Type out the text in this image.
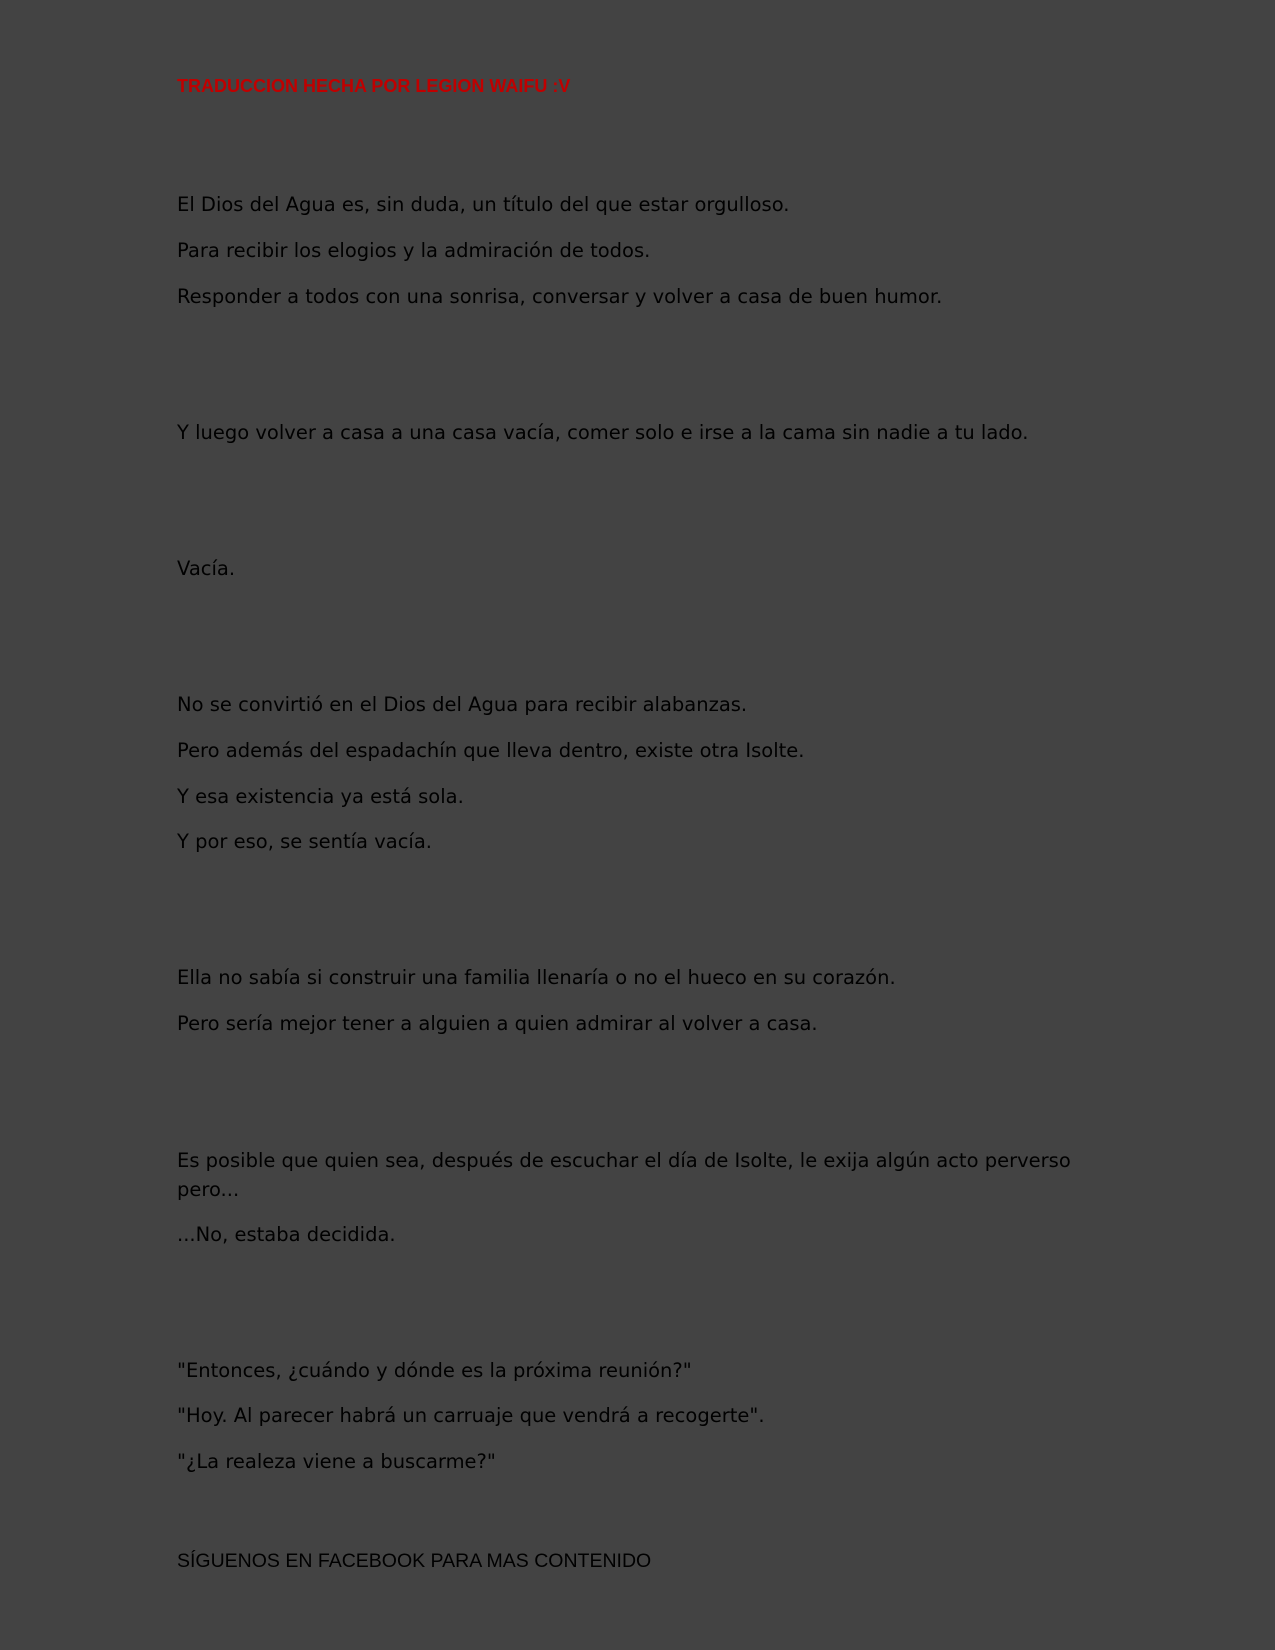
TRADUCCION HECHA POR LEGION WAIFU :V

El Dios del Agua es, sin duda, un título del que estar orgulloso.

Para recibir los elogios y la admiración de todos.

Responder a todos con una sonrisa, conversar y volver a casa de buen humor.

Y luego volver a casa a una casa vacía, comer solo e irse a la cama sin nadie a tu lado.

Vacía.

No se convirtió en el Dios del Agua para recibir alabanzas.

Pero además del espadachín que lleva dentro, existe otra Isolte.

Y esa existencia ya está sola.

Y por eso, se sentía vacía.

Ella no sabía si construir una familia llenaría o no el hueco en su corazón.

Pero sería mejor tener a alguien a quien admirar al volver a casa.

Es posible que quien sea, después de escuchar el día de Isolte, le exija algún acto perverso pero...

...No, estaba decidida.

"Entonces, ¿cuándo y dónde es la próxima reunión?"

"Hoy. Al parecer habrá un carruaje que vendrá a recogerte".

"¿La realeza viene a buscarme?"

SÍGUENOS EN FACEBOOK PARA MAS CONTENIDO
